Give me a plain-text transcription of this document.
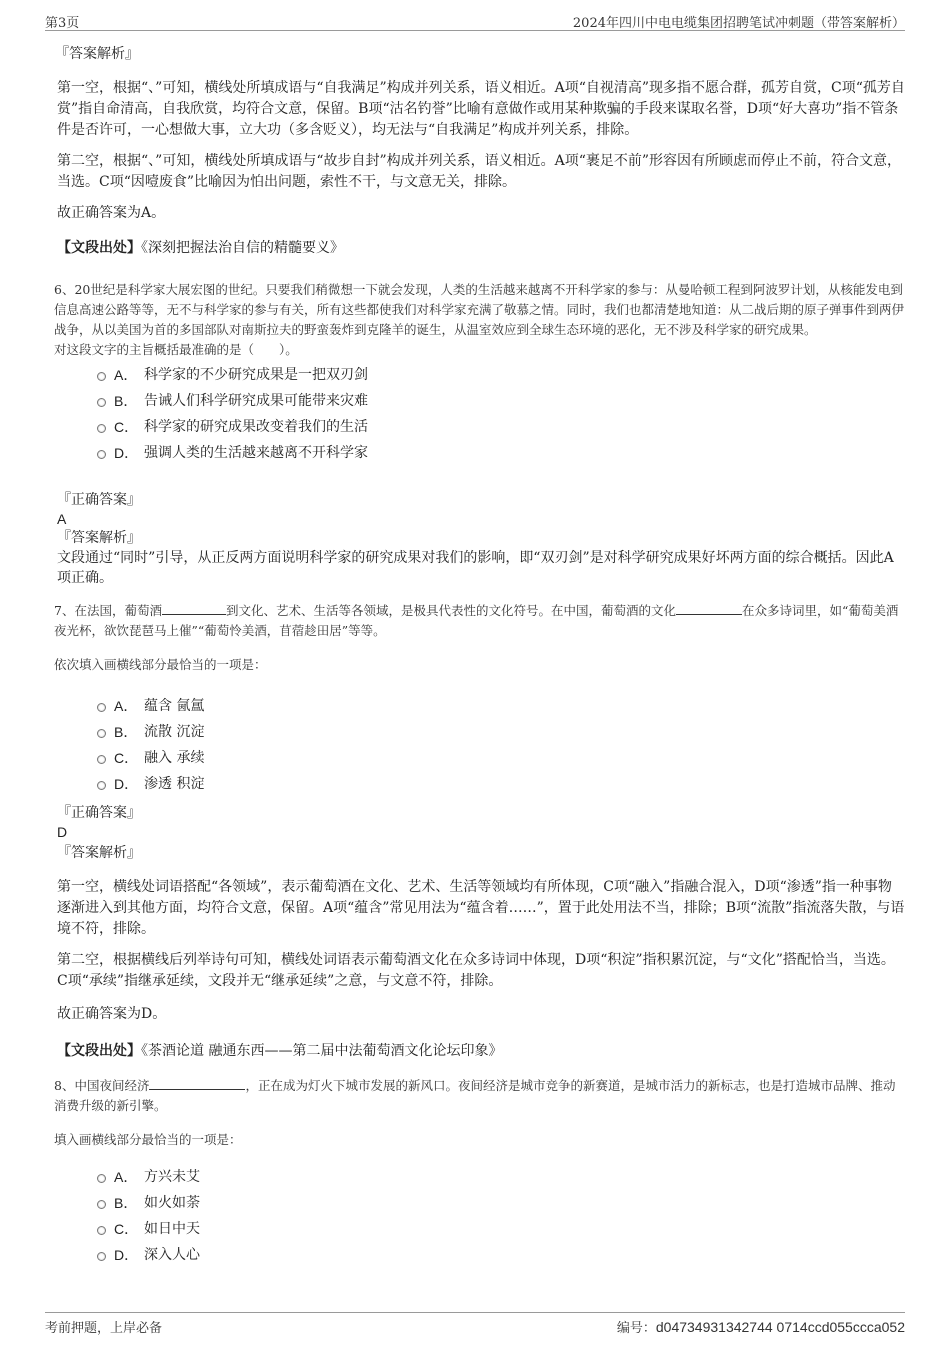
第3页	2024年四川中电电缆集团招聘笔试冲刺题（带答案解析）
『答案解析』

第一空，根据“、”可知，横线处所填成语与“自我满足”构成并列关系，语义相近。A项“自视清高”现多指不愿合群，孤芳自赏，C项“孤芳自赏”指自命清高，自我欣赏，均符合文意，保留。B项“沽名钓誉”比喻有意做作或用某种欺骗的手段来谋取名誉，D项“好大喜功”指不管条件是否许可，一心想做大事，立大功（多含贬义），均无法与“自我满足”构成并列关系，排除。

第二空，根据“、”可知，横线处所填成语与“故步自封”构成并列关系，语义相近。A项“裹足不前”形容因有所顾虑而停止不前，符合文意，当选。C项“因噎废食”比喻因为怕出问题，索性不干，与文意无关，排除。

故正确答案为A。

【文段出处】《深刻把握法治自信的精髓要义》

6、20世纪是科学家大展宏图的世纪。只要我们稍微想一下就会发现，人类的生活越来越离不开科学家的参与：从曼哈顿工程到阿波罗计划，从核能发电到信息高速公路等等，无不与科学家的参与有关，所有这些都使我们对科学家充满了敬慕之情。同时，我们也都清楚地知道：从二战后期的原子弹事件到两伊战争，从以美国为首的多国部队对南斯拉夫的野蛮轰炸到克隆羊的诞生，从温室效应到全球生态环境的恶化，无不涉及科学家的研究成果。

对这段文字的主旨概括最准确的是（　　）。

A． 科学家的不少研究成果是一把双刃剑
B． 告诫人们科学研究成果可能带来灾难
C． 科学家的研究成果改变着我们的生活
D． 强调人类的生活越来越离不开科学家
『正确答案』
A
『答案解析』

文段通过“同时”引导，从正反两方面说明科学家的研究成果对我们的影响，即“双刃剑”是对科学研究成果好坏两方面的综合概括。因此A项正确。

7、在法国，葡萄酒	到文化、艺术、生活等各领域，是极具代表性的文化符号。在中国，葡萄酒的文化	在众多诗词里，如“葡萄美酒夜光杯，欲饮琵琶马上催”“葡萄怜美酒，苜蓿趁田居”等等。

依次填入画横线部分最恰当的一项是：

A． 蕴含 氤氲
B． 流散 沉淀
C． 融入 承续
D． 渗透 积淀
『正确答案』
D
『答案解析』

第一空，横线处词语搭配“各领域”，表示葡萄酒在文化、艺术、生活等领域均有所体现，C项“融入”指融合混入，D项“渗透”指一种事物逐渐进入到其他方面，均符合文意，保留。A项“蕴含”常见用法为“蕴含着……”，置于此处用法不当，排除；B项“流散”指流落失散，与语境不符，排除。

第二空，根据横线后列举诗句可知，横线处词语表示葡萄酒文化在众多诗词中体现，D项“积淀”指积累沉淀，与“文化”搭配恰当，当选。C项“承续”指继承延续，文段并无“继承延续”之意，与文意不符，排除。

故正确答案为D。

【文段出处】《茶酒论道 融通东西——第二届中法葡萄酒文化论坛印象》

8、中国夜间经济	，正在成为灯火下城市发展的新风口。夜间经济是城市竞争的新赛道，是城市活力的新标志，也是打造城市品牌、推动消费升级的新引擎。

填入画横线部分最恰当的一项是：

A． 方兴未艾
B． 如火如荼
C． 如日中天
D． 深入人心
考前押题，上岸必备	编号：d04734931342744 0714ccd055ccca052
